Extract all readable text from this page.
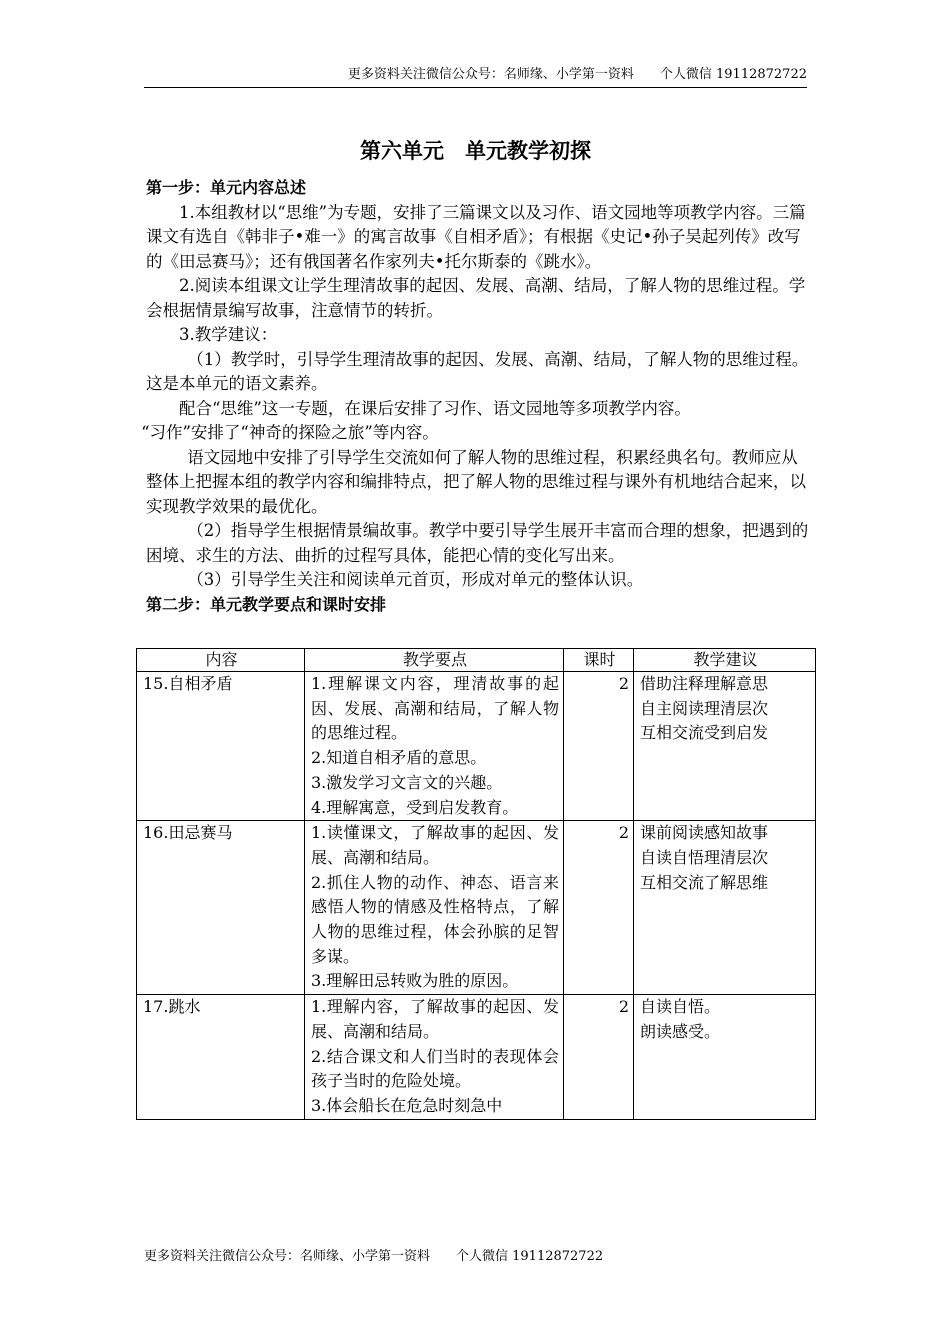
更多资料关注微信公众号：名师缘、小学第一资料　　个人微信 19112872722
第六单元　单元教学初探

第一步：单元内容总述

1.本组教材以“思维”为专题，安排了三篇课文以及习作、语文园地等项教学内容。三篇课文有选自《韩非子•难一》的寓言故事《自相矛盾》；有根据《史记•孙子吴起列传》改写的《田忌赛马》；还有俄国著名作家列夫•托尔斯泰的《跳水》。

2.阅读本组课文让学生理清故事的起因、发展、高潮、结局，了解人物的思维过程。学会根据情景编写故事，注意情节的转折。

3.教学建议：

（1）教学时，引导学生理清故事的起因、发展、高潮、结局，了解人物的思维过程。这是本单元的语文素养。

配合“思维”这一专题，在课后安排了习作、语文园地等多项教学内容。

“习作”安排了“神奇的探险之旅”等内容。

语文园地中安排了引导学生交流如何了解人物的思维过程，积累经典名句。教师应从整体上把握本组的教学内容和编排特点，把了解人物的思维过程与课外有机地结合起来，以实现教学效果的最优化。

（2）指导学生根据情景编故事。教学中要引导学生展开丰富而合理的想象，把遇到的困境、求生的方法、曲折的过程写具体，能把心情的变化写出来。

（3）引导学生关注和阅读单元首页，形成对单元的整体认识。

第二步：单元教学要点和课时安排

内容	教学要点	课时	教学建议
15.自相矛盾	1.理解课文内容，理清故事的起因、发展、高潮和结局，了解人物的思维过程。
2.知道自相矛盾的意思。
3.激发学习文言文的兴趣。
4.理解寓意，受到启发教育。	2	借助注释理解意思
自主阅读理清层次
互相交流受到启发

16.田忌赛马	1.读懂课文，了解故事的起因、发展、高潮和结局。
2.抓住人物的动作、神态、语言来感悟人物的情感及性格特点，了解人物的思维过程，体会孙膑的足智多谋。
3.理解田忌转败为胜的原因。	2	课前阅读感知故事
自读自悟理清层次
互相交流了解思维

17.跳水	1.理解内容，了解故事的起因、发展、高潮和结局。
2.结合课文和人们当时的表现体会孩子当时的危险处境。
3.体会船长在危急时刻急中	2	自读自悟。
朗读感受。
更多资料关注微信公众号：名师缘、小学第一资料　　个人微信 19112872722
